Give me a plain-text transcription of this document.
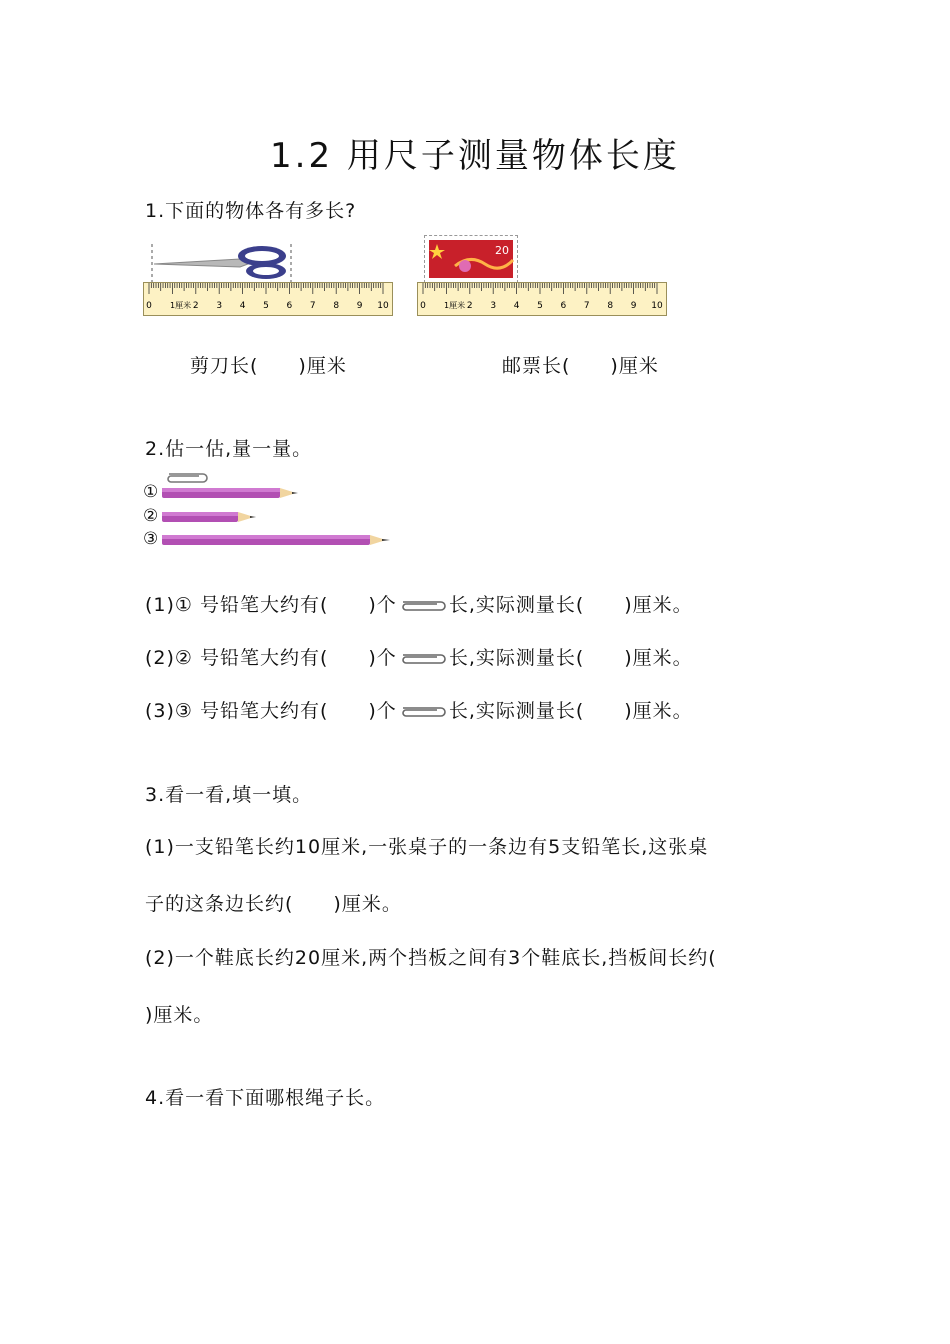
1.2 用尺子测量物体长度
1.下面的物体各有多长?
0	2 3 4 5 6 7 8 9 10
1厘米
20
0	2 3 4 5 6 7 8 9 10
1厘米
剪刀长(　　)厘米	邮票长(　　)厘米
2.估一估,量一量。
①
②
③
(1)① 号铅笔大约有(　　)个	长,实际测量长(　　)厘米。
(2)② 号铅笔大约有(　　)个	长,实际测量长(　　)厘米。
(3)③ 号铅笔大约有(　　)个	长,实际测量长(　　)厘米。
3.看一看,填一填。
(1)一支铅笔长约10厘米,一张桌子的一条边有5支铅笔长,这张桌
子的这条边长约(　　)厘米。
(2)一个鞋底长约20厘米,两个挡板之间有3个鞋底长,挡板间长约(
)厘米。
4.看一看下面哪根绳子长。
